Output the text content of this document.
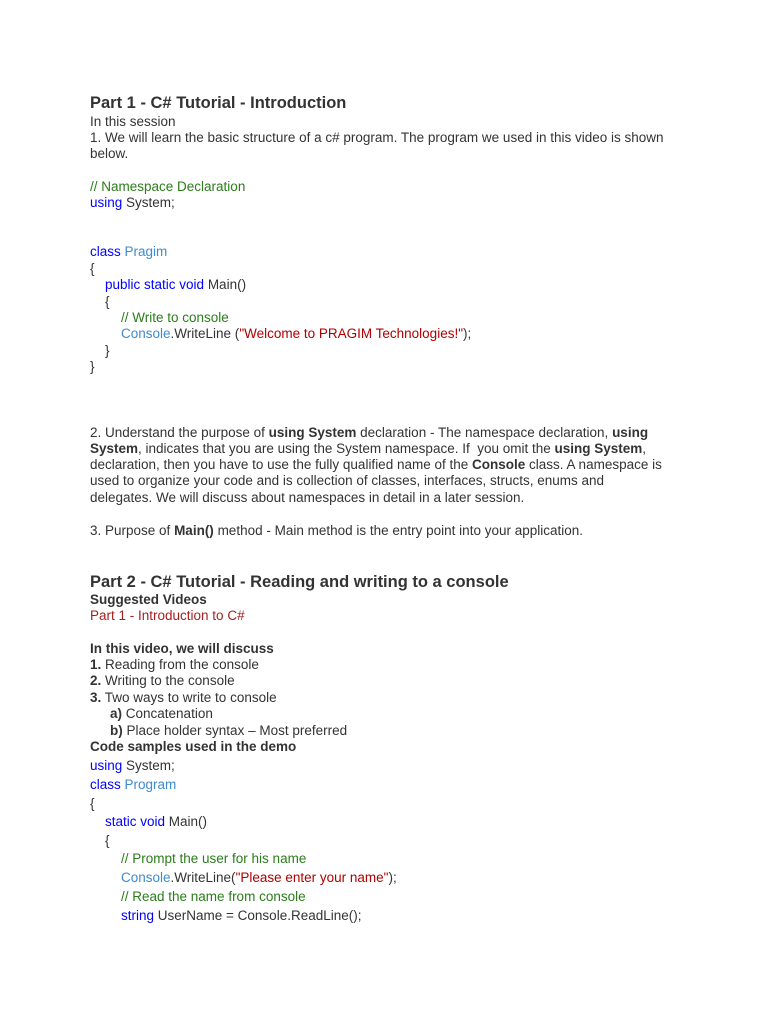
Part 1 - C# Tutorial - Introduction
In this session
1. We will learn the basic structure of a c# program. The program we used in this video is shown
below.
// Namespace Declaration
using System;
class Pragim
{
public static void Main()
{
// Write to console
Console.WriteLine ("Welcome to PRAGIM Technologies!");
}
}
2. Understand the purpose of using System declaration - The namespace declaration, using
System, indicates that you are using the System namespace. If  you omit the using System,
declaration, then you have to use the fully qualified name of the Console class. A namespace is
used to organize your code and is collection of classes, interfaces, structs, enums and
delegates. We will discuss about namespaces in detail in a later session.
3. Purpose of Main() method - Main method is the entry point into your application.
Part 2 - C# Tutorial - Reading and writing to a console
Suggested Videos
Part 1 - Introduction to C#
In this video, we will discuss
1. Reading from the console
2. Writing to the console
3. Two ways to write to console
a) Concatenation
b) Place holder syntax – Most preferred
Code samples used in the demo
using System;
class Program
{
static void Main()
{
// Prompt the user for his name
Console.WriteLine("Please enter your name");
// Read the name from console
string UserName = Console.ReadLine();
